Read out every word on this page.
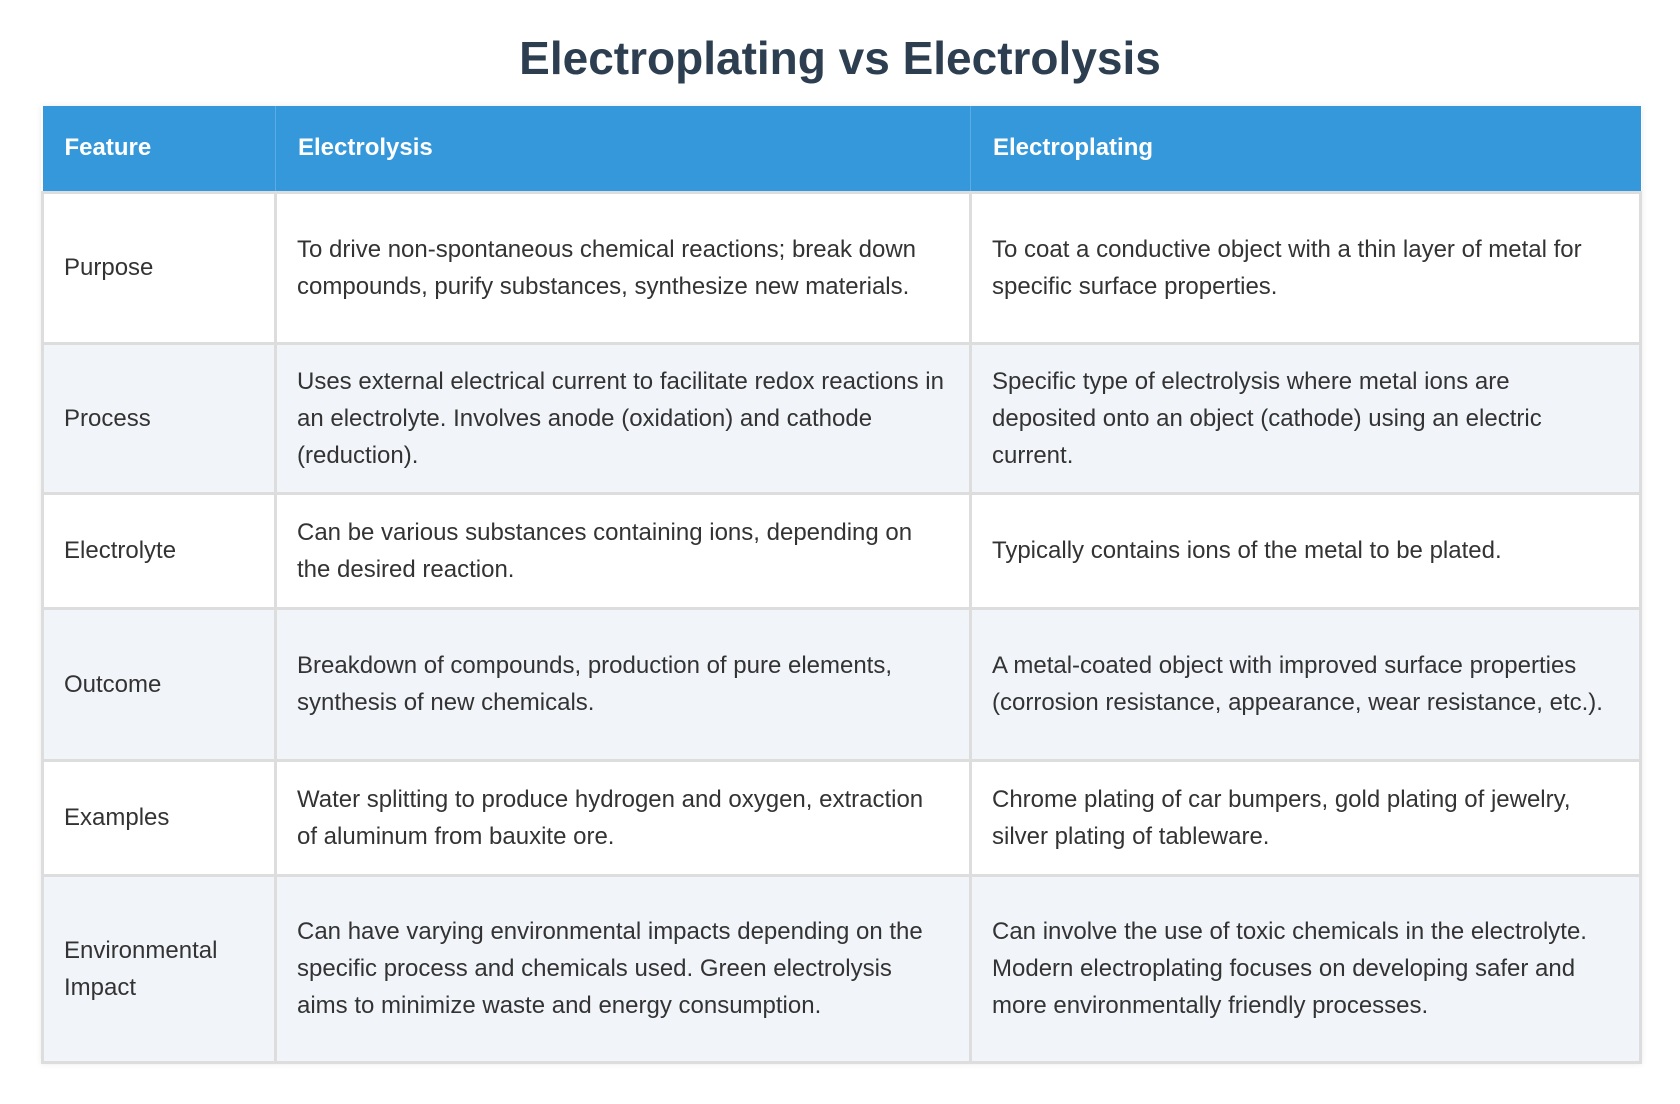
Electroplating vs Electrolysis
Feature	Electrolysis	Electroplating
Purpose	To drive non-spontaneous chemical reactions; break down compounds, purify substances, synthesize new materials.	To coat a conductive object with a thin layer of metal for specific surface properties.
Process	Uses external electrical current to facilitate redox reactions in an electrolyte. Involves anode (oxidation) and cathode (reduction).	Specific type of electrolysis where metal ions are deposited onto an object (cathode) using an electric current.
Electrolyte	Can be various substances containing ions, depending on the desired reaction.	Typically contains ions of the metal to be plated.
Outcome	Breakdown of compounds, production of pure elements, synthesis of new chemicals.	A metal-coated object with improved surface properties (corrosion resistance, appearance, wear resistance, etc.).
Examples	Water splitting to produce hydrogen and oxygen, extraction of aluminum from bauxite ore.	Chrome plating of car bumpers, gold plating of jewelry, silver plating of tableware.
Environmental Impact	Can have varying environmental impacts depending on the specific process and chemicals used. Green electrolysis aims to minimize waste and energy consumption.	Can involve the use of toxic chemicals in the electrolyte. Modern electroplating focuses on developing safer and more environmentally friendly processes.
